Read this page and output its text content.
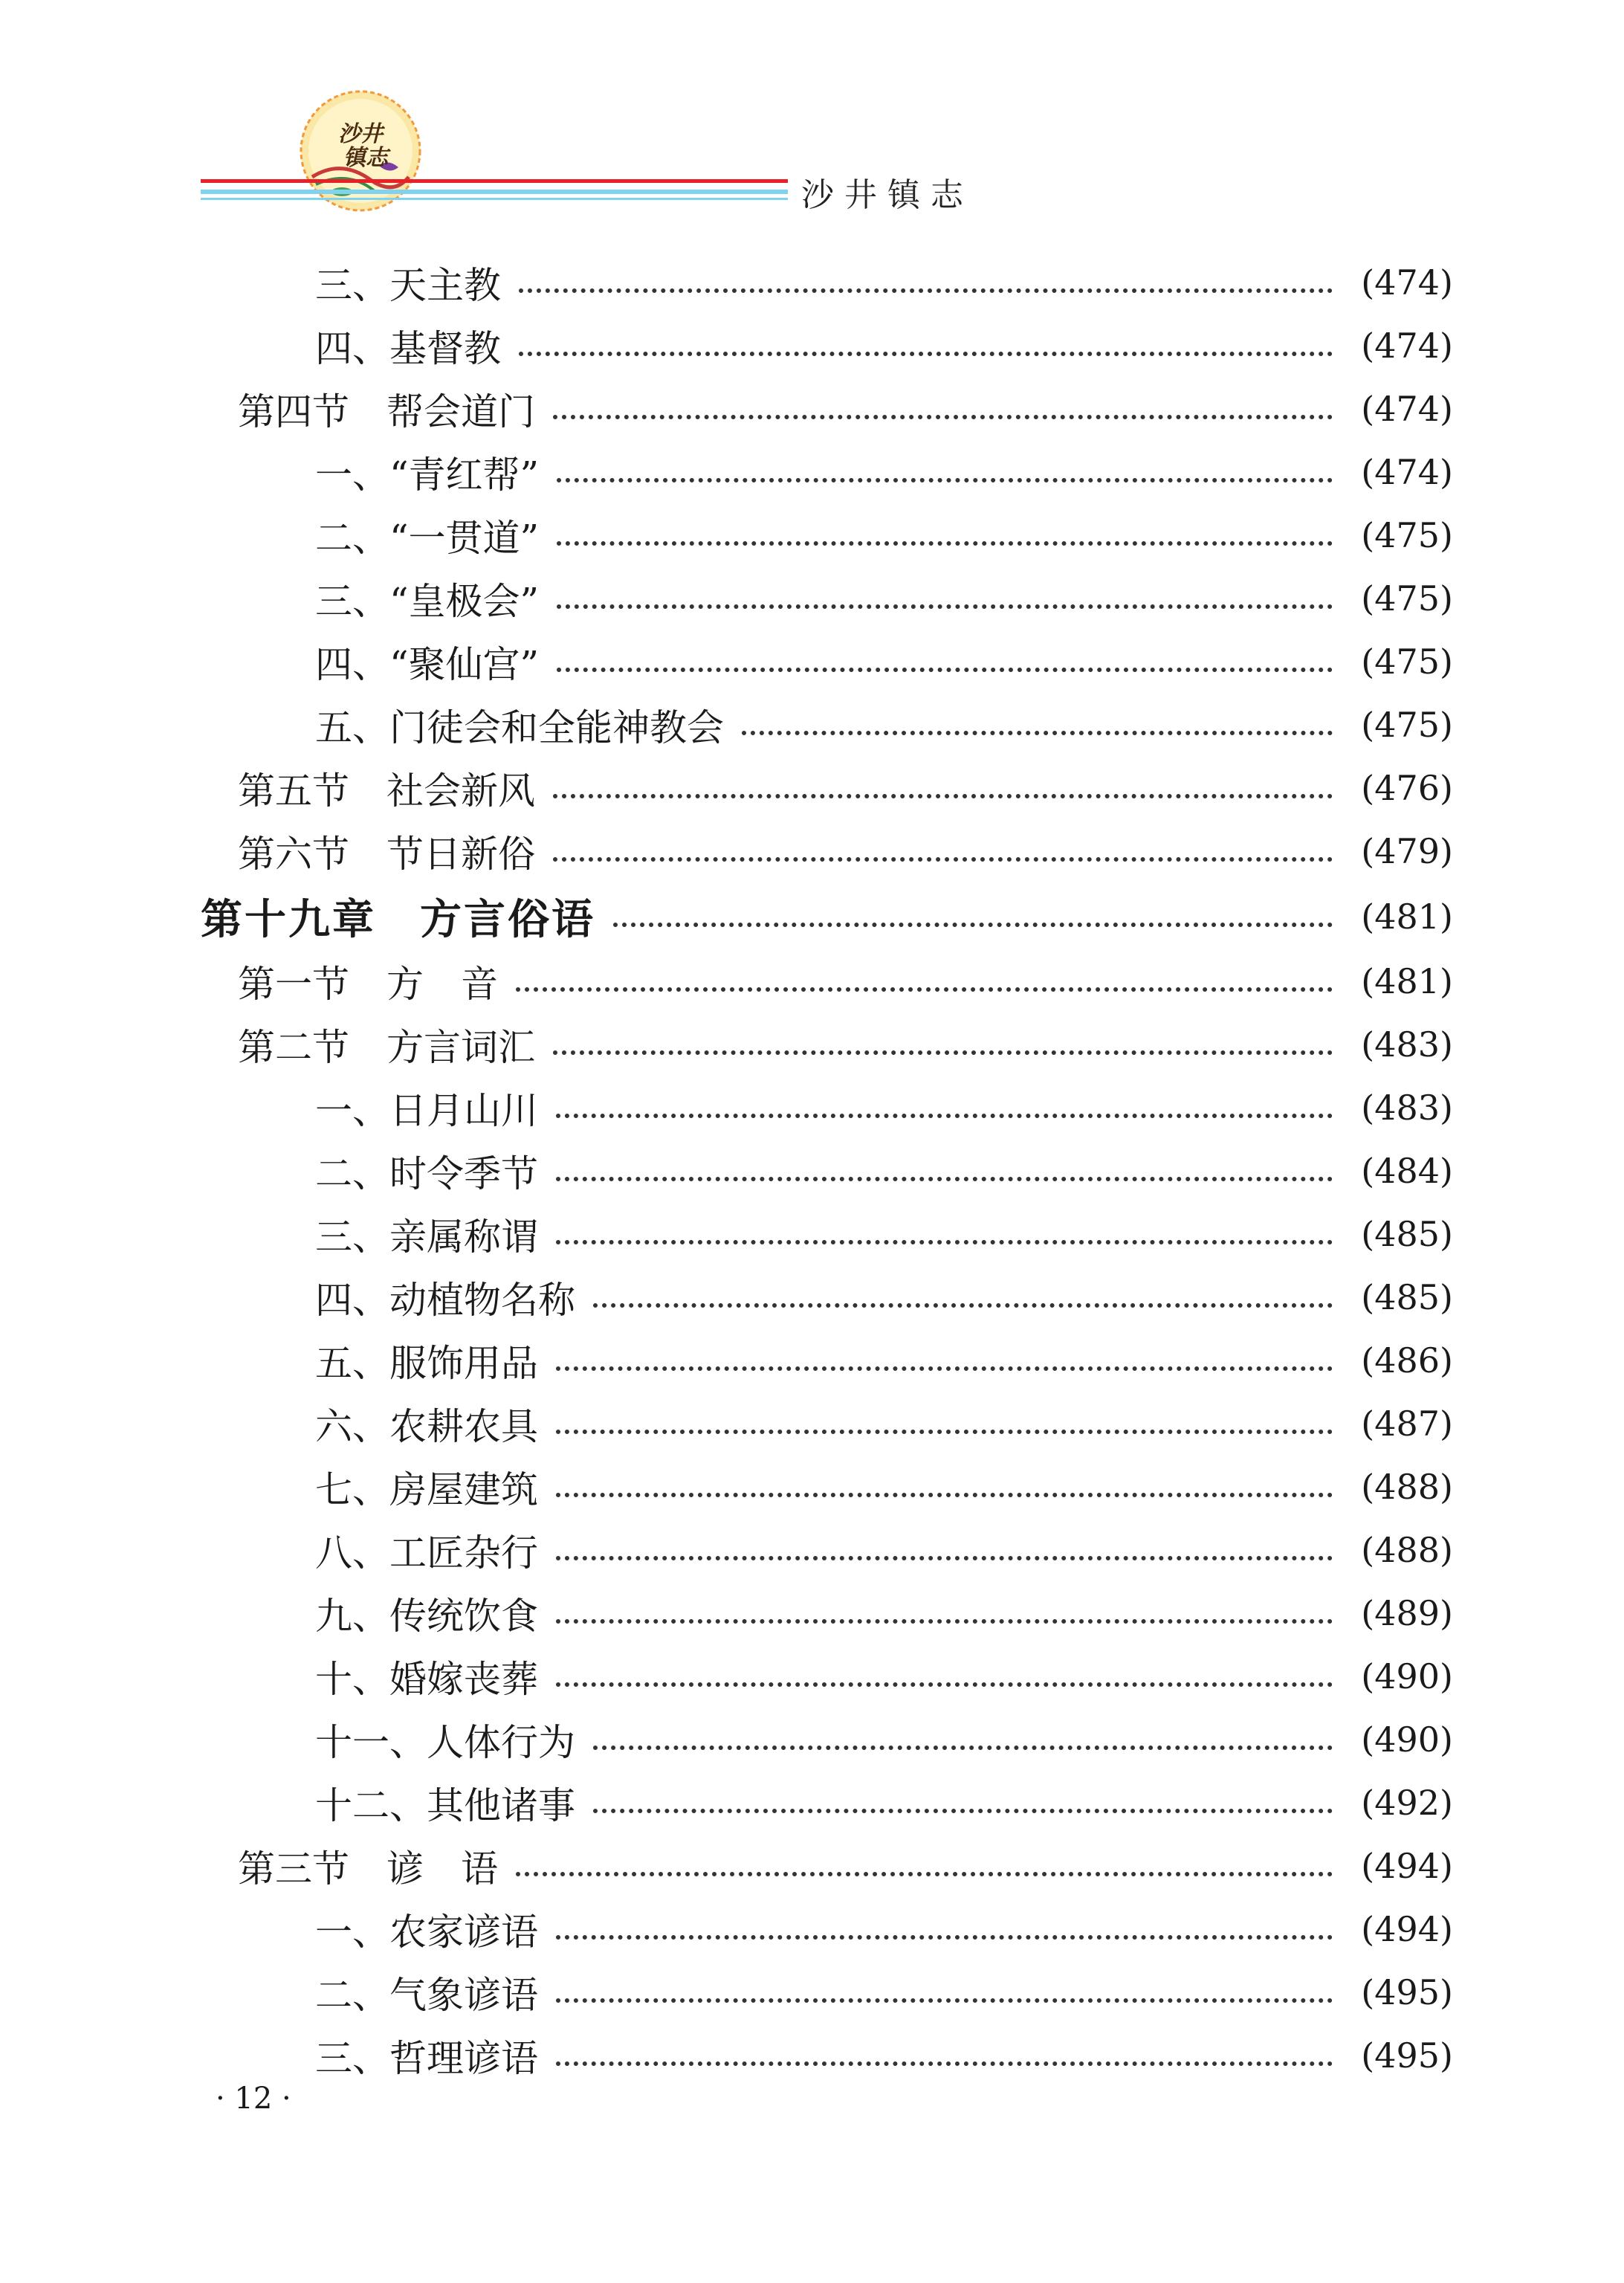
沙井
镇志
沙井镇志
三、天主教	(474)
四、基督教	(474)
第四节　帮会道门	(474)
一、“青红帮”	(474)
二、“一贯道”	(475)
三、“皇极会”	(475)
四、“聚仙宫”	(475)
五、门徒会和全能神教会	(475)
第五节　社会新风	(476)
第六节　节日新俗	(479)
第十九章　方言俗语	(481)
第一节　方　音	(481)
第二节　方言词汇	(483)
一、日月山川	(483)
二、时令季节	(484)
三、亲属称谓	(485)
四、动植物名称	(485)
五、服饰用品	(486)
六、农耕农具	(487)
七、房屋建筑	(488)
八、工匠杂行	(488)
九、传统饮食	(489)
十、婚嫁丧葬	(490)
十一、人体行为	(490)
十二、其他诸事	(492)
第三节　谚　语	(494)
一、农家谚语	(494)
二、气象谚语	(495)
三、哲理谚语	(495)
· 12 ·
